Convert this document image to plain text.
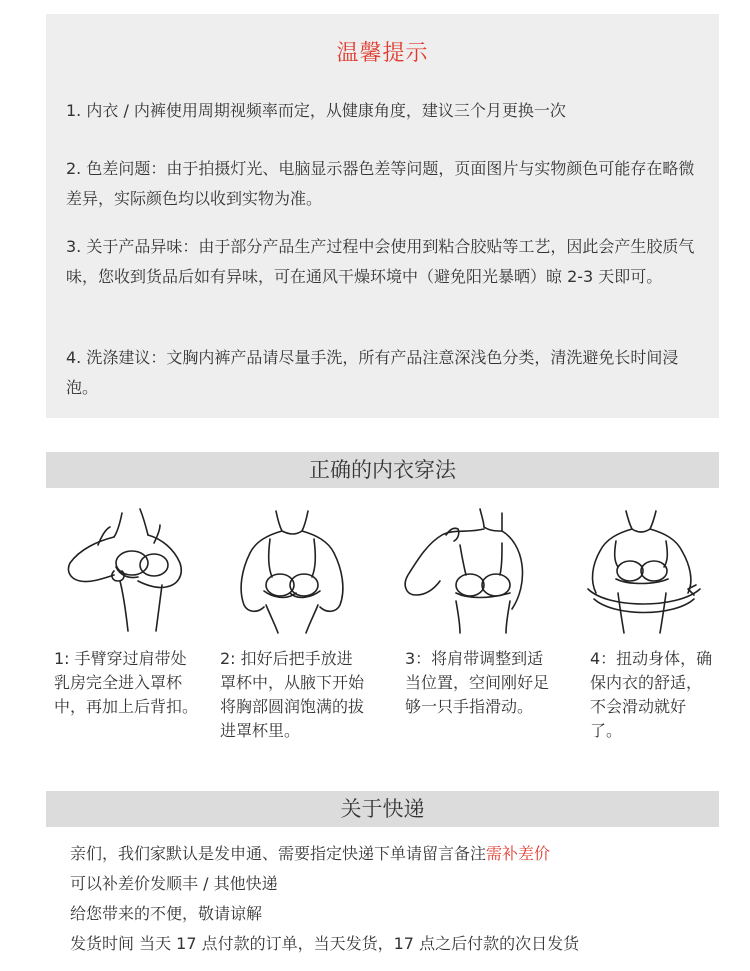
温馨提示
1. 内衣 / 内裤使用周期视频率而定，从健康角度，建议三个月更换一次
2. 色差问题：由于拍摄灯光、电脑显示器色差等问题，页面图片与实物颜色可能存在略微差异，实际颜色均以收到实物为准。
3. 关于产品异味：由于部分产品生产过程中会使用到粘合胶贴等工艺，因此会产生胶质气味，您收到货品后如有异味，可在通风干燥环境中（避免阳光暴晒）晾 2-3 天即可。
4. 洗涤建议：文胸内裤产品请尽量手洗，所有产品注意深浅色分类，清洗避免长时间浸泡。
正确的内衣穿法
1: 手臂穿过肩带处乳房完全进入罩杯中，再加上后背扣。
2: 扣好后把手放进罩杯中，从腋下开始将胸部圆润饱满的拔进罩杯里。
3：将肩带调整到适当位置，空间刚好足够一只手指滑动。
4：扭动身体，确保内衣的舒适，不会滑动就好了。
关于快递
亲们，我们家默认是发申通、需要指定快递下单请留言备注需补差价
可以补差价发顺丰 / 其他快递
给您带来的不便，敬请谅解
发货时间 当天 17 点付款的订单，当天发货，17 点之后付款的次日发货
